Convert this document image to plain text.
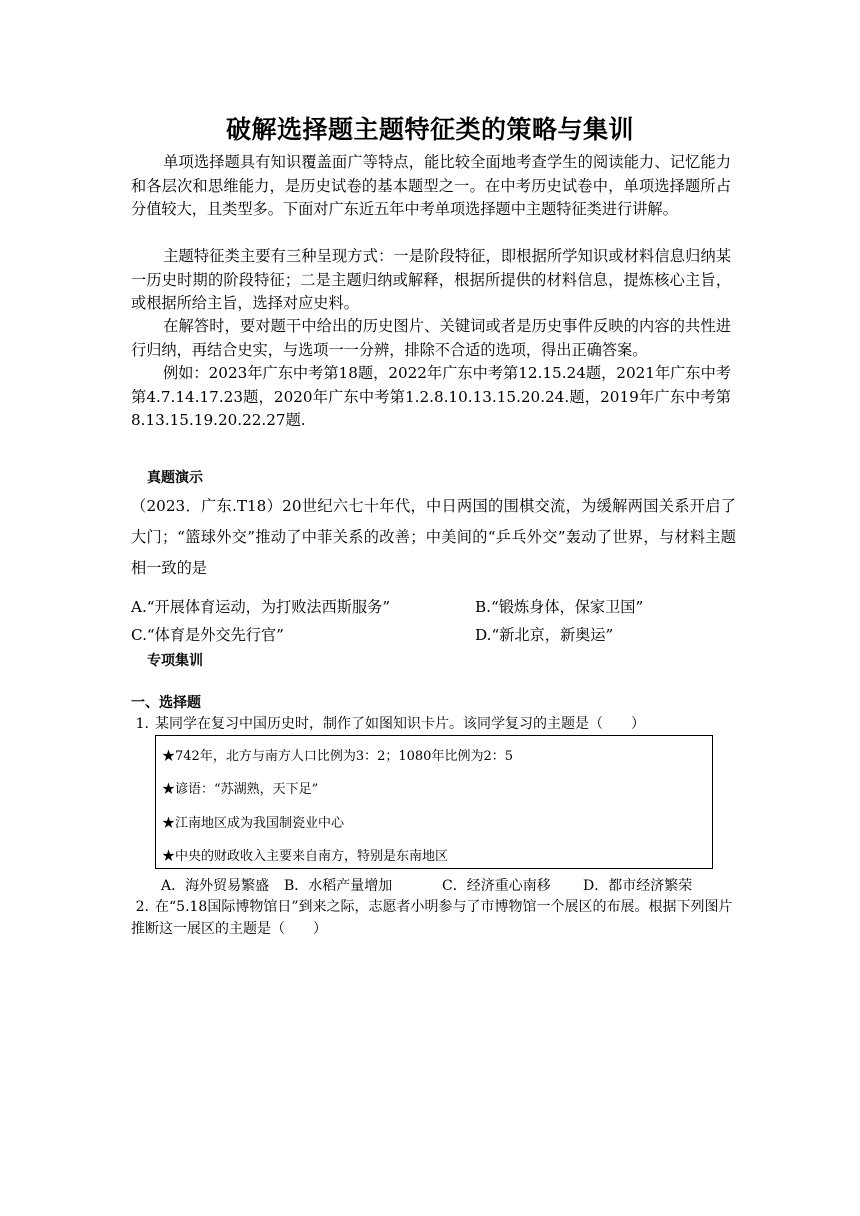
破解选择题主题特征类的策略与集训

单项选择题具有知识覆盖面广等特点，能比较全面地考查学生的阅读能力、记忆能力和各层次和思维能力，是历史试卷的基本题型之一。在中考历史试卷中，单项选择题所占分值较大，且类型多。下面对广东近五年中考单项选择题中主题特征类进行讲解。

主题特征类主要有三种呈现方式：一是阶段特征，即根据所学知识或材料信息归纳某一历史时期的阶段特征；二是主题归纳或解释，根据所提供的材料信息，提炼核心主旨，或根据所给主旨，选择对应史料。

在解答时，要对题干中给出的历史图片、关键词或者是历史事件反映的内容的共性进行归纳，再结合史实，与选项一一分辨，排除不合适的选项，得出正确答案。

例如：2023年广东中考第18题，2022年广东中考第12.15.24题，2021年广东中考第4.7.14.17.23题，2020年广东中考第1.2.8.10.13.15.20.24.题，2019年广东中考第8.13.15.19.20.22.27题.

真题演示

（2023．广东.T18）20世纪六七十年代，中日两国的围棋交流，为缓解两国关系开启了大门；“篮球外交”推动了中菲关系的改善；中美间的“乒乓外交”轰动了世界，与材料主题相一致的是

A.“开展体育运动，为打败法西斯服务”	B.“锻炼身体，保家卫国”
C.“体育是外交先行官”	D.“新北京，新奥运”
专项集训
一、选择题

1. 某同学在复习中国历史时，制作了如图知识卡片。该同学复习的主题是（　　）

★742年，北方与南方人口比例为3：2；1080年比例为2：5
★谚语：“苏湖熟，天下足”
★江南地区成为我国制瓷业中心
★中央的财政收入主要来自南方，特别是东南地区
A．海外贸易繁盛 B．水稻产量增加	C．经济重心南移 D．都市经济繁荣

2. 在“5.18国际博物馆日”到来之际，志愿者小明参与了市博物馆一个展区的布展。根据下列图片推断这一展区的主题是（　　）
